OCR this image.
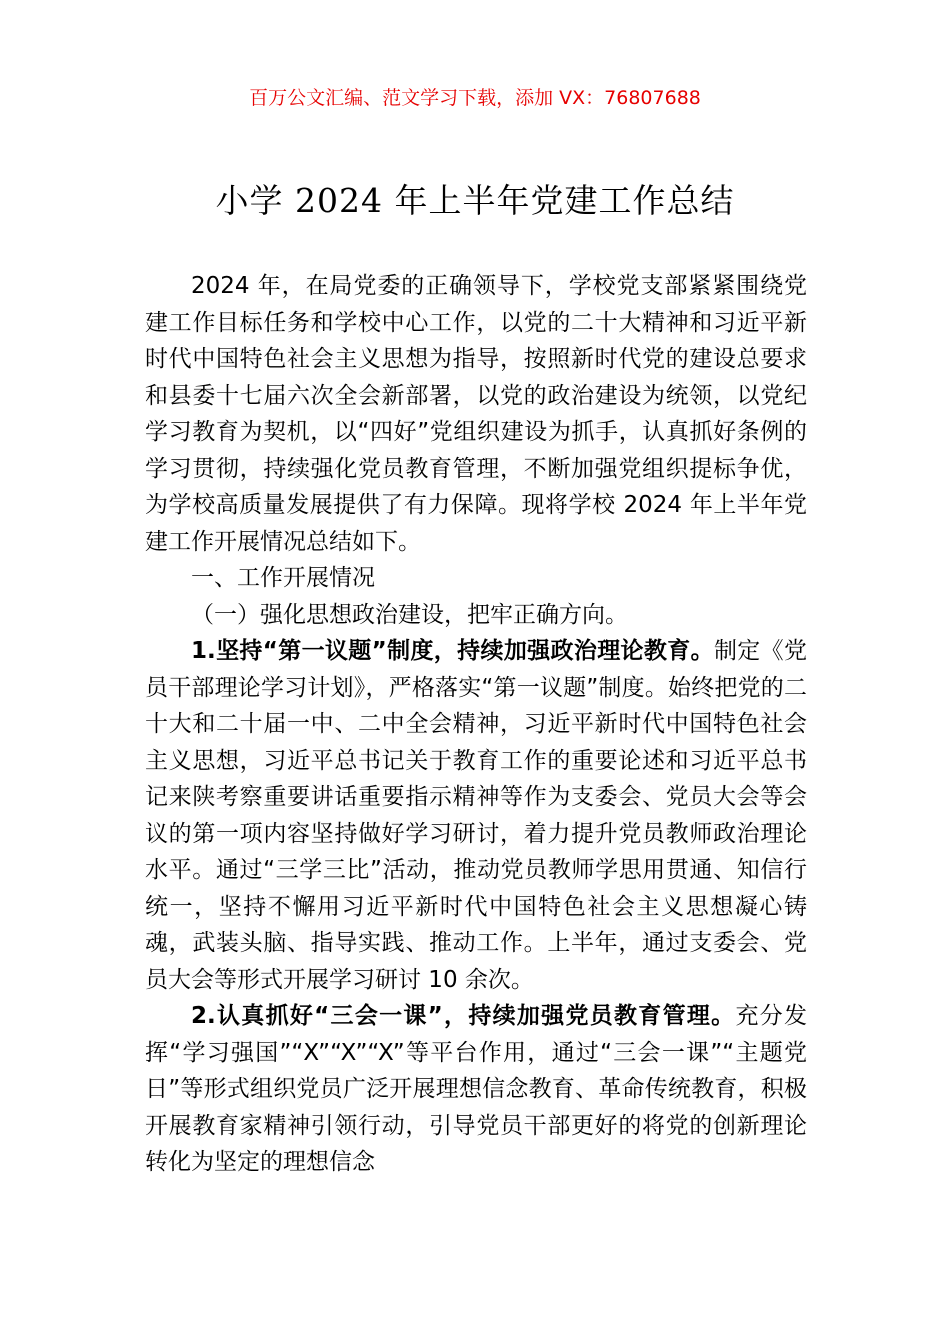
百万公文汇编、范文学习下载，添加 VX：76807688
小学 2024 年上半年党建工作总结

2024 年，在局党委的正确领导下，学校党支部紧紧围绕党建工作目标任务和学校中心工作，以党的二十大精神和习近平新时代中国特色社会主义思想为指导，按照新时代党的建设总要求和县委十七届六次全会新部署，以党的政治建设为统领，以党纪学习教育为契机，以“四好”党组织建设为抓手，认真抓好条例的学习贯彻，持续强化党员教育管理，不断加强党组织提标争优，为学校高质量发展提供了有力保障。现将学校 2024 年上半年党建工作开展情况总结如下。

一、工作开展情况

（一）强化思想政治建设，把牢正确方向。

1.坚持“第一议题”制度，持续加强政治理论教育。制定《党员干部理论学习计划》，严格落实“第一议题”制度。始终把党的二十大和二十届一中、二中全会精神，习近平新时代中国特色社会主义思想，习近平总书记关于教育工作的重要论述和习近平总书记来陕考察重要讲话重要指示精神等作为支委会、党员大会等会议的第一项内容坚持做好学习研讨，着力提升党员教师政治理论水平。通过“三学三比”活动，推动党员教师学思用贯通、知信行统一，坚持不懈用习近平新时代中国特色社会主义思想凝心铸魂，武装头脑、指导实践、推动工作。上半年，通过支委会、党员大会等形式开展学习研讨 10 余次。

2.认真抓好“三会一课”，持续加强党员教育管理。充分发挥“学习强国”“X”“X”“X”等平台作用，通过“三会一课”“主题党日”等形式组织党员广泛开展理想信念教育、革命传统教育，积极开展教育家精神引领行动，引导党员干部更好的将党的创新理论转化为坚定的理想信念
